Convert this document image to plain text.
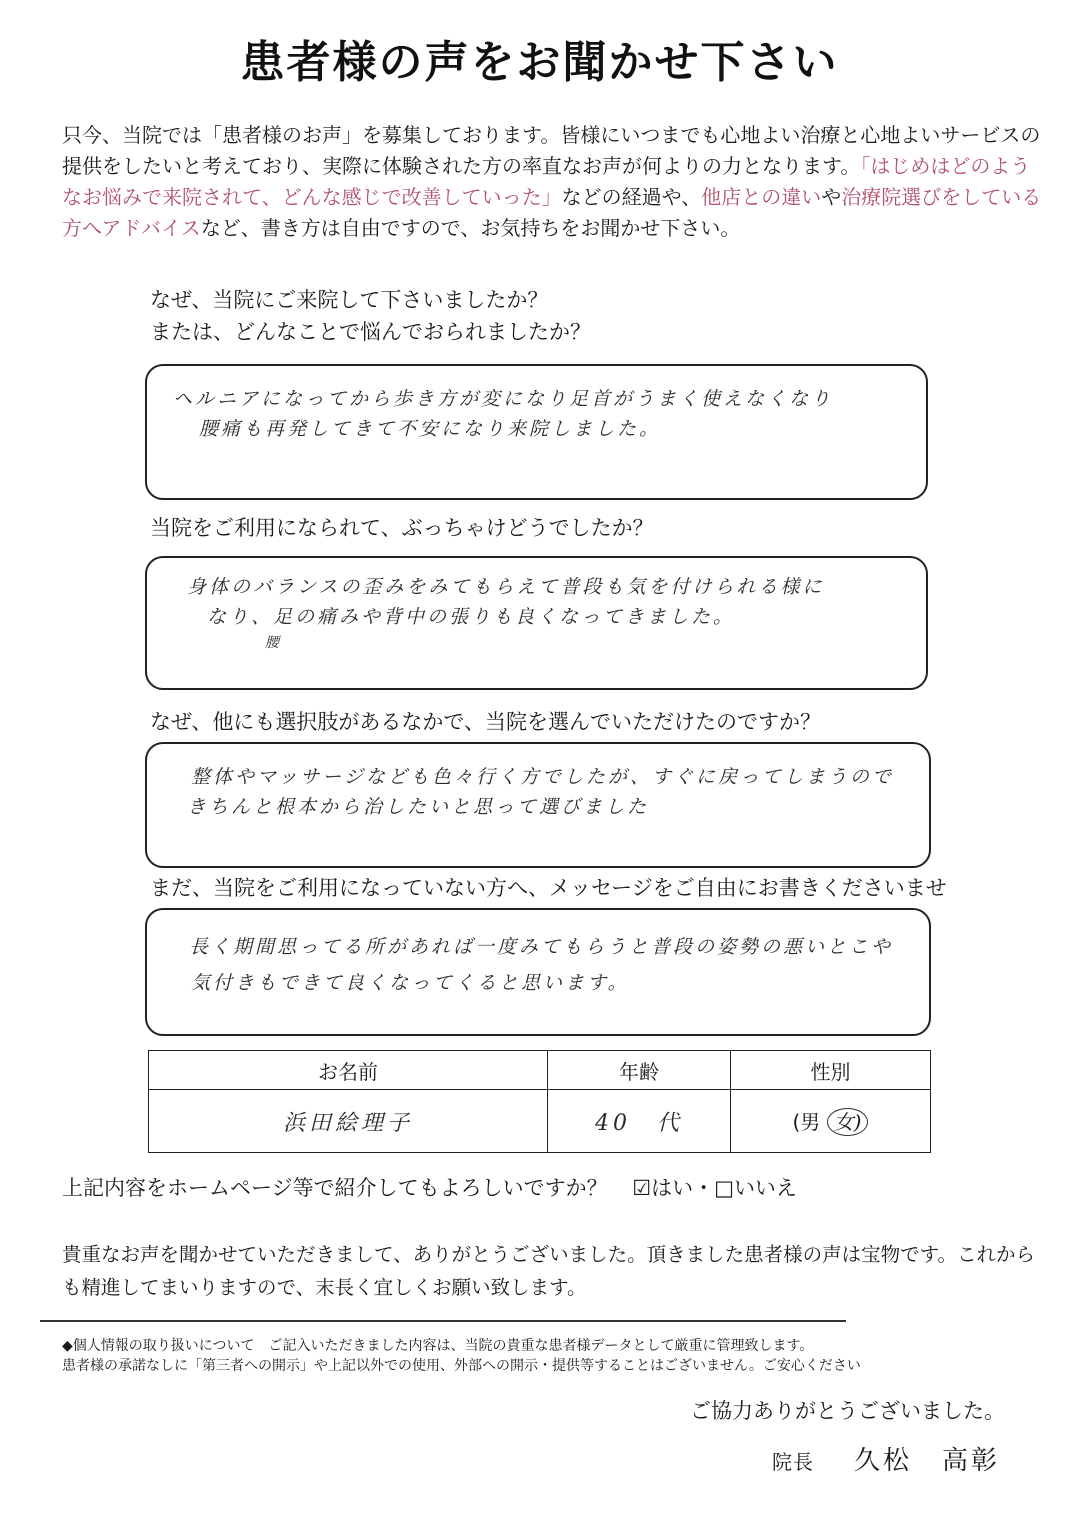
患者様の声をお聞かせ下さい
只今、当院では「患者様のお声」を募集しております。皆様にいつまでも心地よい治療と心地よいサービスの提供をしたいと考えており、実際に体験された方の率直なお声が何よりの力となります。「はじめはどのようなお悩みで来院されて、どんな感じで改善していった」などの経過や、他店との違いや治療院選びをしている方へアドバイスなど、書き方は自由ですので、お気持ちをお聞かせ下さい。
なぜ、当院にご来院して下さいましたか？
または、どんなことで悩んでおられましたか？
ヘルニアになってから歩き方が変になり足首がうまく使えなくなり
腰痛も再発してきて不安になり来院しました。
当院をご利用になられて、ぶっちゃけどうでしたか？
身体のバランスの歪みをみてもらえて普段も気を付けられる様に
なり、足の痛みや背中の張りも良くなってきました。
腰
なぜ、他にも選択肢があるなかで、当院を選んでいただけたのですか？
整体やマッサージなども色々行く方でしたが、すぐに戻ってしまうので
きちんと根本から治したいと思って選びました
まだ、当院をご利用になっていない方へ、メッセージをご自由にお書きくださいませ
長く期間思ってる所があれば一度みてもらうと普段の姿勢の悪いとこや
気付きもできて良くなってくると思います。
お名前	年齢	性別
浜田絵理子	40　代	(男 女)
上記内容をホームページ等で紹介してもよろしいですか？ ☑はい・□いいえ
貴重なお声を聞かせていただきまして、ありがとうございました。頂きました患者様の声は宝物です。これからも精進してまいりますので、末長く宜しくお願い致します。
◆個人情報の取り扱いについて　ご記入いただきました内容は、当院の貴重な患者様データとして厳重に管理致します。
患者様の承諾なしに「第三者への開示」や上記以外での使用、外部への開示・提供等することはございません。ご安心ください
ご協力ありがとうございました。
院長 久松 高彰
